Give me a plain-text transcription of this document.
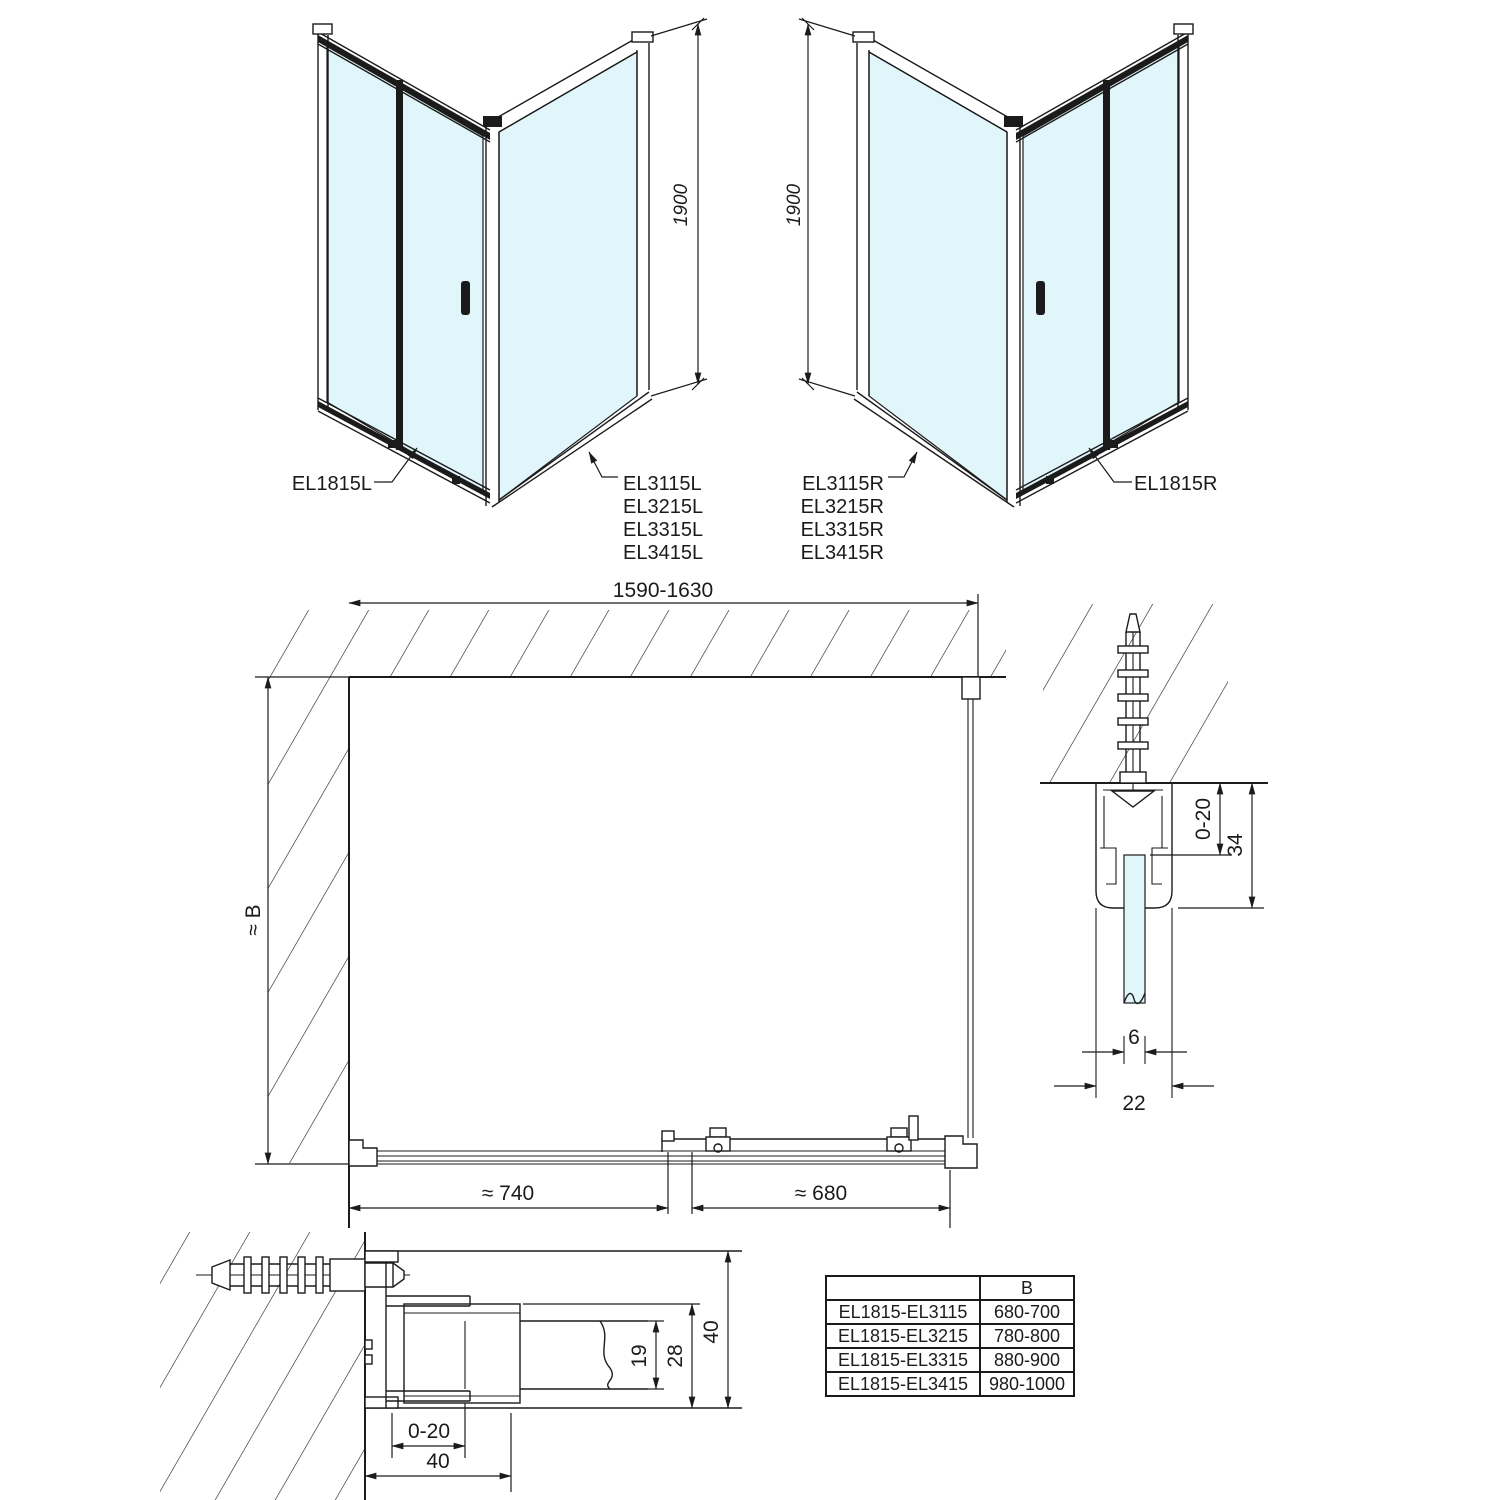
EL1815L	EL3115L
EL3215L
EL3315L
EL3415L
1900
EL1815R
EL3115R
EL3215R
EL3315R
EL3415R
1900
1590-1630
≈ B
≈ 740	≈ 680
6
22
0-20
34
0-20
40
19 28
40
	B
EL1815-EL3115	680-700
EL1815-EL3215	780-800
EL1815-EL3315	880-900
EL1815-EL3415	980-1000
